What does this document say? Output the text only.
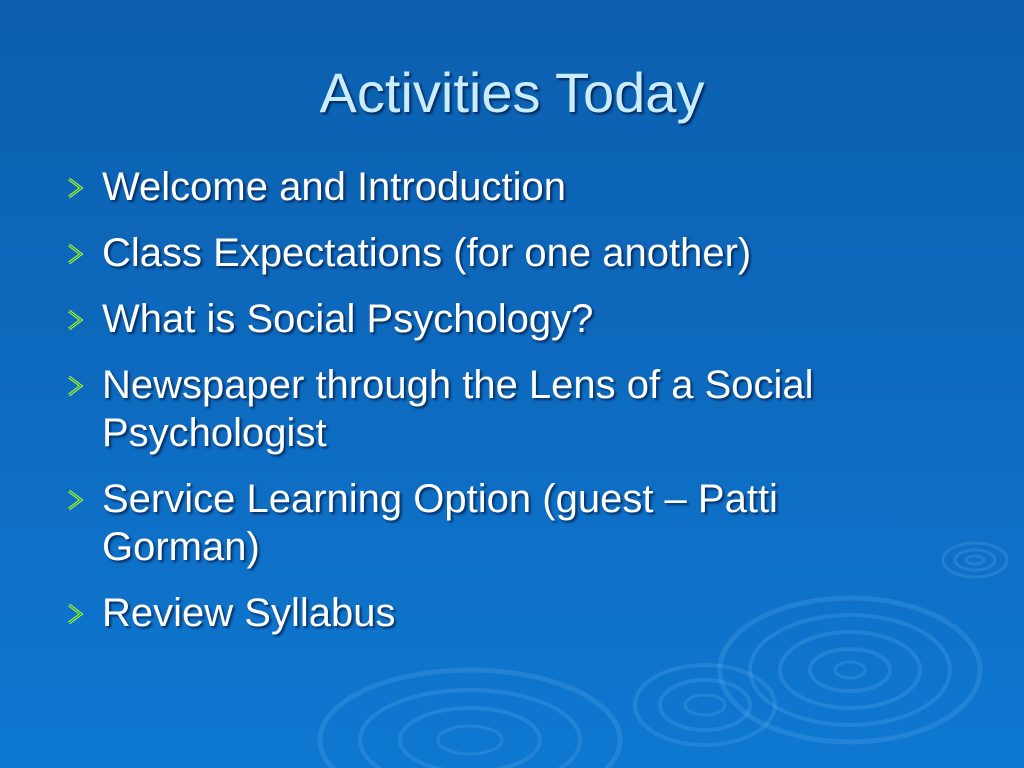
Activities Today
Welcome and Introduction
Class Expectations (for one another)
What is Social Psychology?
Newspaper through the Lens of a Social Psychologist
Service Learning Option (guest – Patti Gorman)
Review Syllabus
